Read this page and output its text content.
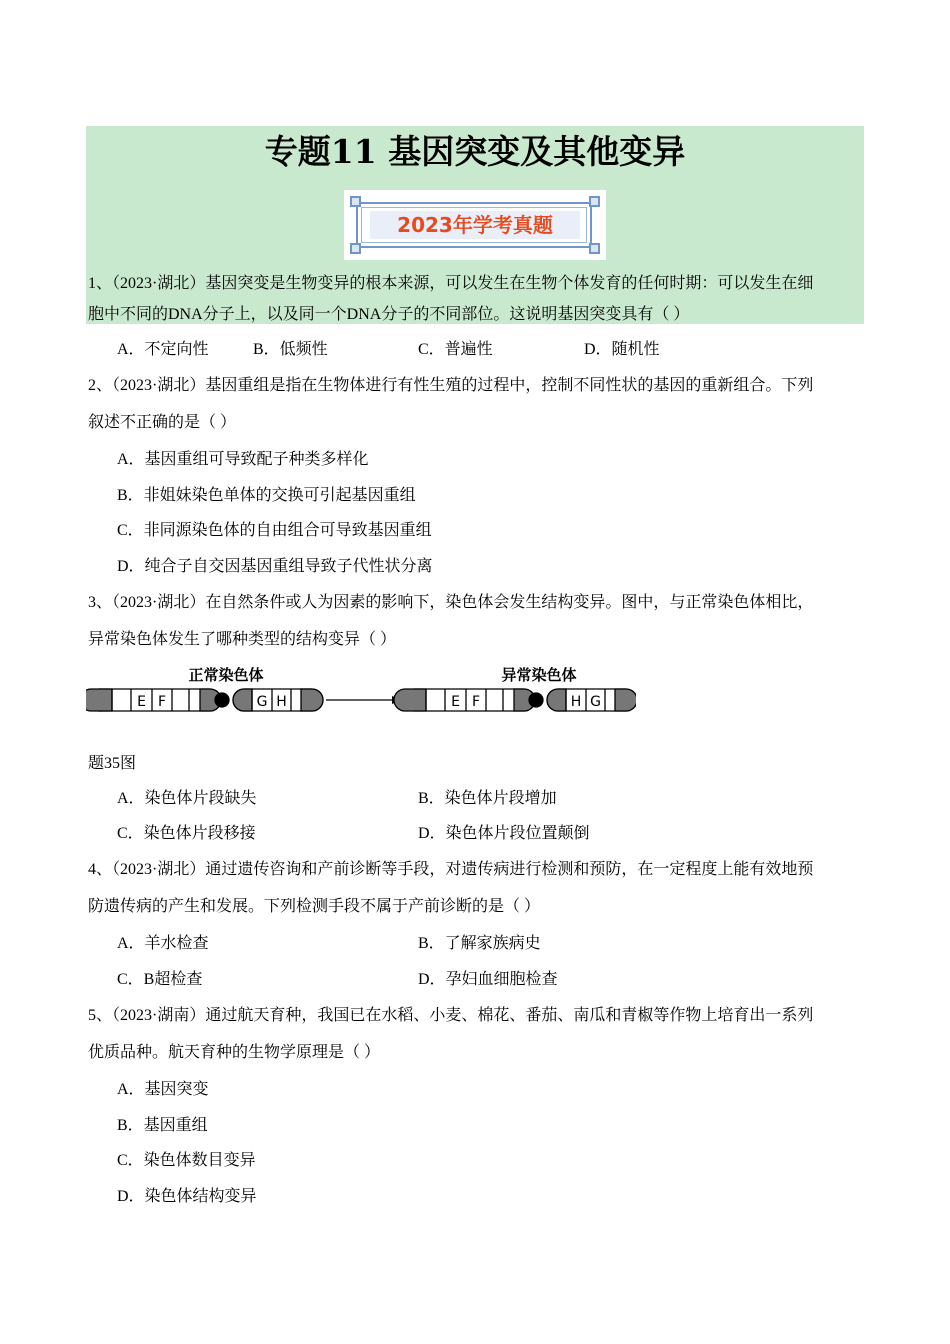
专题11 基因突变及其他变异
2023年学考真题
1、（2023·湖北）基因突变是生物变异的根本来源，可以发生在生物个体发育的任何时期：可以发生在细
胞中不同的DNA分子上，以及同一个DNA分子的不同部位。这说明基因突变具有（ ）
A．不定向性	B．低频性	C．普遍性	D．随机性
2、（2023·湖北）基因重组是指在生物体进行有性生殖的过程中，控制不同性状的基因的重新组合。下列
叙述不正确的是（ ）
A．基因重组可导致配子种类多样化
B．非姐妹染色单体的交换可引起基因重组
C．非同源染色体的自由组合可导致基因重组
D．纯合子自交因基因重组导致子代性状分离
3、（2023·湖北）在自然条件或人为因素的影响下，染色体会发生结构变异。图中，与正常染色体相比，
异常染色体发生了哪种类型的结构变异（ ）
正常染色体	异常染色体
E F	G H	E F	H G
题35图
A．染色体片段缺失	B．染色体片段增加
C．染色体片段移接	D．染色体片段位置颠倒
4、（2023·湖北）通过遗传咨询和产前诊断等手段，对遗传病进行检测和预防，在一定程度上能有效地预
防遗传病的产生和发展。下列检测手段不属于产前诊断的是（ ）
A．羊水检查	B．了解家族病史
C．B超检查	D．孕妇血细胞检查
5、（2023·湖南）通过航天育种，我国已在水稻、小麦、棉花、番茄、南瓜和青椒等作物上培育出一系列
优质品种。航天育种的生物学原理是（ ）
A．基因突变
B．基因重组
C．染色体数目变异
D．染色体结构变异
